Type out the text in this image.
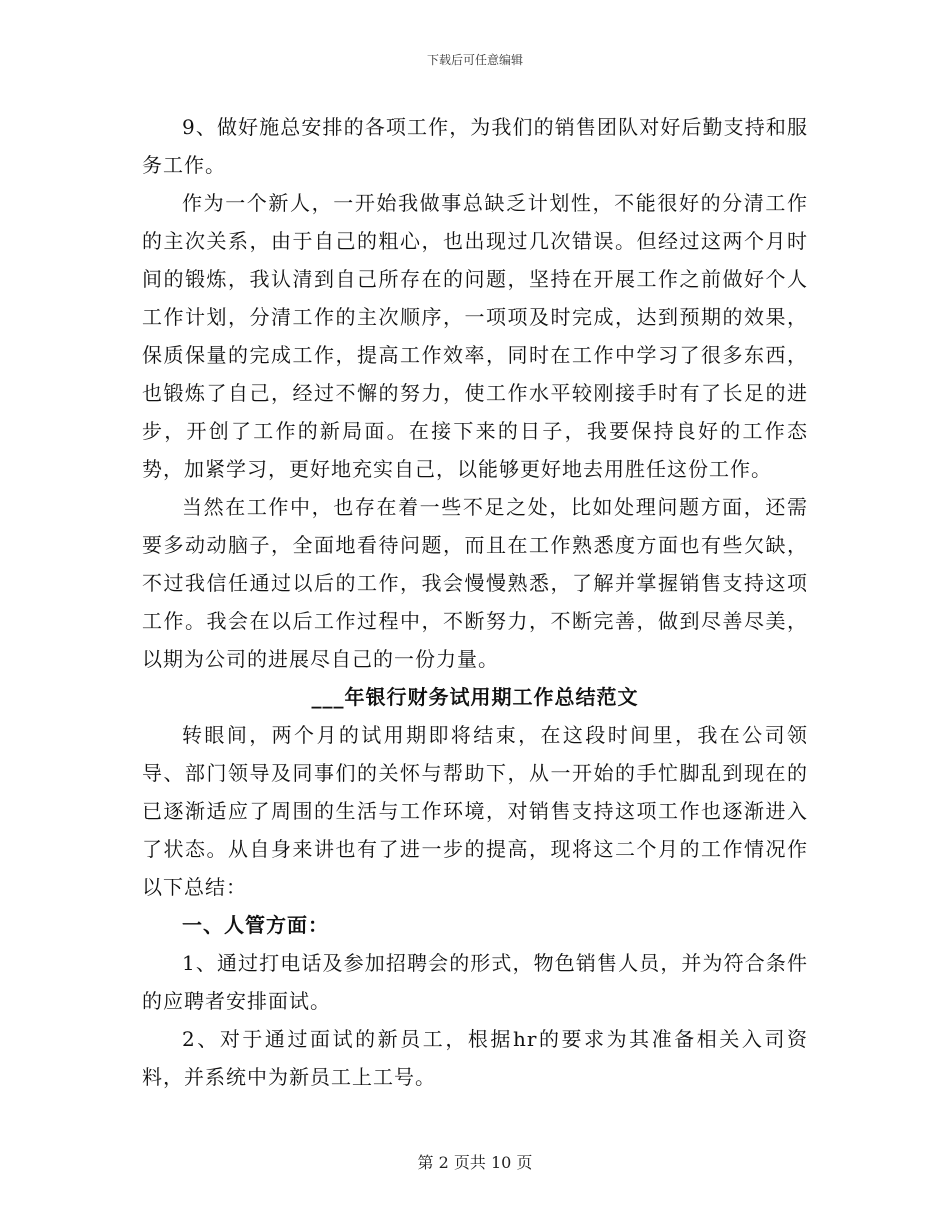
下载后可任意编辑

9、做好施总安排的各项工作，为我们的销售团队对好后勤支持和服务工作。

作为一个新人，一开始我做事总缺乏计划性，不能很好的分清工作的主次关系，由于自己的粗心，也出现过几次错误。但经过这两个月时间的锻炼，我认清到自己所存在的问题，坚持在开展工作之前做好个人工作计划，分清工作的主次顺序，一项项及时完成，达到预期的效果，保质保量的完成工作，提高工作效率，同时在工作中学习了很多东西，也锻炼了自己，经过不懈的努力，使工作水平较刚接手时有了长足的进步，开创了工作的新局面。在接下来的日子，我要保持良好的工作态势，加紧学习，更好地充实自己，以能够更好地去用胜任这份工作。

当然在工作中，也存在着一些不足之处，比如处理问题方面，还需要多动动脑子，全面地看待问题，而且在工作熟悉度方面也有些欠缺，不过我信任通过以后的工作，我会慢慢熟悉，了解并掌握销售支持这项工作。我会在以后工作过程中，不断努力，不断完善，做到尽善尽美，以期为公司的进展尽自己的一份力量。

___年银行财务试用期工作总结范文

转眼间，两个月的试用期即将结束，在这段时间里，我在公司领导、部门领导及同事们的关怀与帮助下，从一开始的手忙脚乱到现在的已逐渐适应了周围的生活与工作环境，对销售支持这项工作也逐渐进入了状态。从自身来讲也有了进一步的提高，现将这二个月的工作情况作以下总结：

一、人管方面：

1、通过打电话及参加招聘会的形式，物色销售人员，并为符合条件的应聘者安排面试。

2、对于通过面试的新员工，根据hr的要求为其准备相关入司资料，并系统中为新员工上工号。

第 2 页共 10 页
